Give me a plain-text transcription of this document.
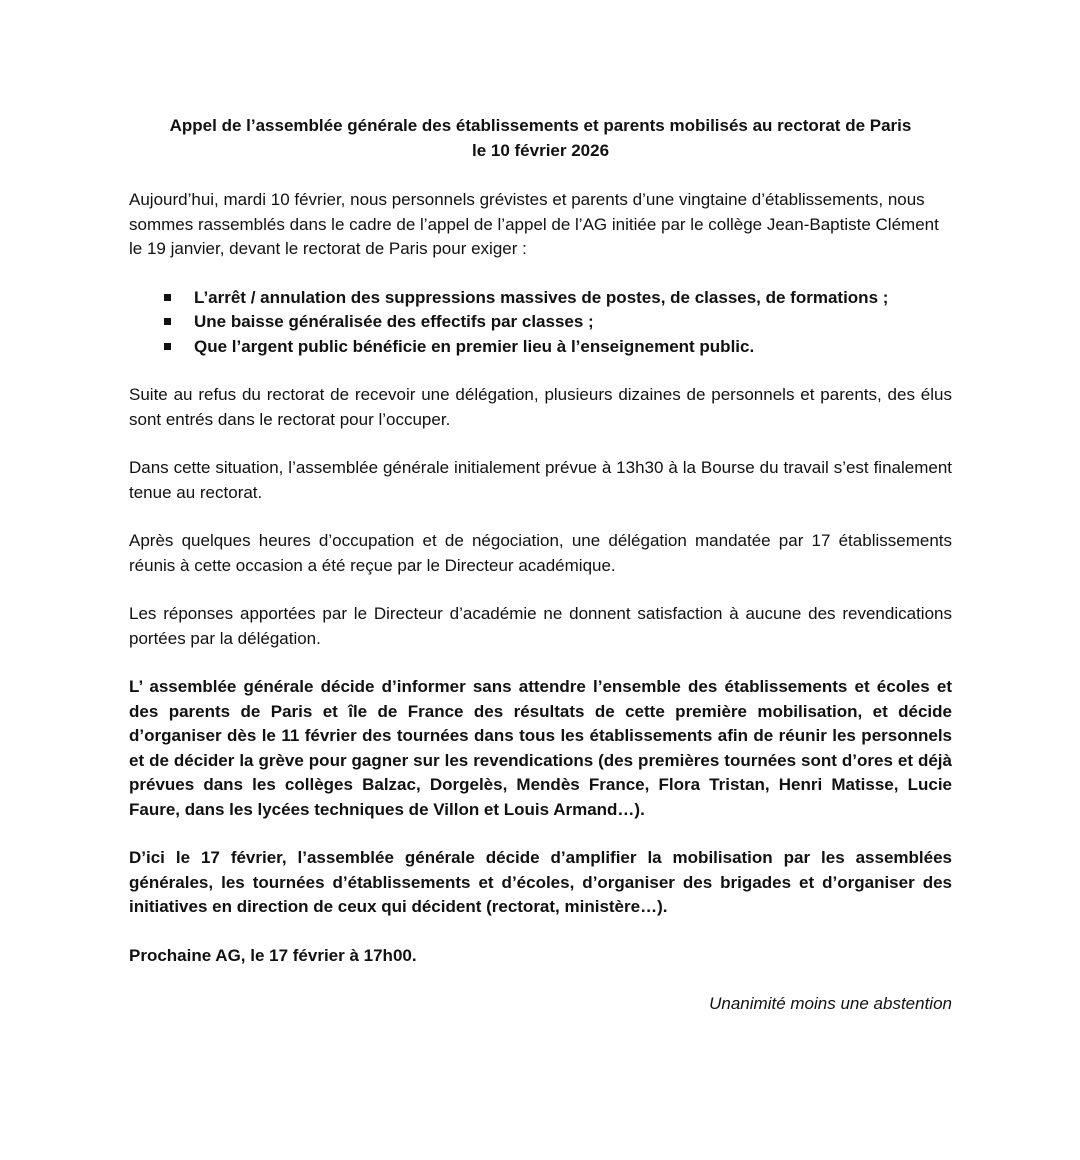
Appel de l’assemblée générale des établissements et parents mobilisés au rectorat de Paris
le 10 février 2026

Aujourd’hui, mardi 10 février, nous personnels grévistes et parents d’une vingtaine d’établissements, nous sommes rassemblés dans le cadre de l’appel de l’appel de l’AG initiée par le collège Jean-Baptiste Clément le 19 janvier, devant le rectorat de Paris pour exiger :

L’arrêt / annulation des suppressions massives de postes, de classes, de formations ;
Une baisse généralisée des effectifs par classes ;
Que l’argent public bénéficie en premier lieu à l’enseignement public.

Suite au refus du rectorat de recevoir une délégation, plusieurs dizaines de personnels et parents, des élus sont entrés dans le rectorat pour l’occuper.

Dans cette situation, l’assemblée générale initialement prévue à 13h30 à la Bourse du travail s’est finalement tenue au rectorat.

Après quelques heures d’occupation et de négociation, une délégation mandatée par 17 établissements réunis à cette occasion a été reçue par le Directeur académique.

Les réponses apportées par le Directeur d’académie ne donnent satisfaction à aucune des revendications portées par la délégation.

L’ assemblée générale décide d’informer sans attendre l’ensemble des établissements et écoles et des parents de Paris et île de France des résultats de cette première mobilisation, et décide d’organiser dès le 11 février des tournées dans tous les établissements afin de réunir les personnels et de décider la grève pour gagner sur les revendications (des premières tournées sont d’ores et déjà prévues dans les collèges Balzac, Dorgelès, Mendès France, Flora Tristan, Henri Matisse, Lucie Faure, dans les lycées techniques de Villon et Louis Armand…).

D’ici le 17 février, l’assemblée générale décide d’amplifier la mobilisation par les assemblées générales, les tournées d’établissements et d’écoles, d’organiser des brigades et d’organiser des initiatives en direction de ceux qui décident (rectorat, ministère…).

Prochaine AG, le 17 février à 17h00.

Unanimité moins une abstention
